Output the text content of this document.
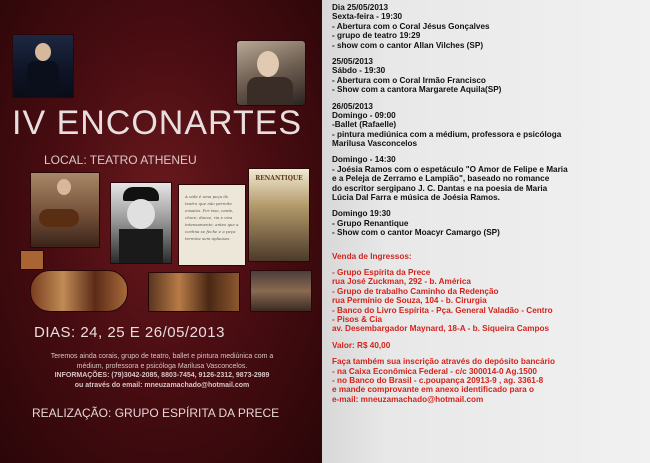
IV ENCONARTES
LOCAL: TEATRO ATHENEU
A vida é uma peça de teatro que não permite ensaios. Por isso, cante, chore, dance, ria e viva intensamente, antes que a cortina se feche e a peça termine sem aplausos.
RENANTIQUE
DIAS: 24, 25 E 26/05/2013
Teremos ainda corais, grupo de teatro, ballet e pintura mediúnica com a
médium, professora e psicóloga Marilusa Vasconcelos.
INFORMAÇÕES: (79)3042-2085, 8803-7454, 9126-2312, 9873-2989
ou através do email: mneuzamachado@hotmail.com
REALIZAÇÃO: GRUPO ESPÍRITA DA PRECE
Dia 25/05/2013
Sexta-feira - 19:30
- Abertura com o Coral Jésus Gonçalves
- grupo de teatro 19:29
- show com o cantor Allan Vilches (SP)
25/05/2013
Sábdo - 19:30
- Abertura com o Coral Irmão Francisco
- Show com a cantora Margarete Aquila(SP)
26/05/2013
Domingo - 09:00
-Ballet (Rafaelle)
- pintura mediúnica com a médium, professora e psicóloga
Marilusa Vasconcelos
Domingo - 14:30
- Joésia Ramos com o espetáculo "O Amor de Felipe e Maria
e a Peleja de Zerramo e Lampião", baseado no romance
do escritor sergipano J. C. Dantas e na poesia de Maria
Lúcia Dal Farra e música de Joésia Ramos.
Domingo 19:30
- Grupo Renantique
- Show com o cantor Moacyr Camargo (SP)
Venda de Ingressos:
- Grupo Espírita da Prece
rua José Zuckman, 292 - b. América
- Grupo de trabalho Caminho da Redenção
rua Permínio de Souza, 104 - b. Cirurgia
- Banco do Livro Espírita - Pça. General Valadão - Centro
- Pisos & Cia
av. Desembargador Maynard, 18-A - b. Siqueira Campos
Valor: R$ 40,00
Faça também sua inscrição através do depósito bancário
- na Caixa Econômica Federal - c/c 300014-0 Ag.1500
- no Banco do Brasil - c.poupança 20913-9 , ag. 3361-8
e mande comprovante em anexo identificado para o
e-mail: mneuzamachado@hotmail.com
